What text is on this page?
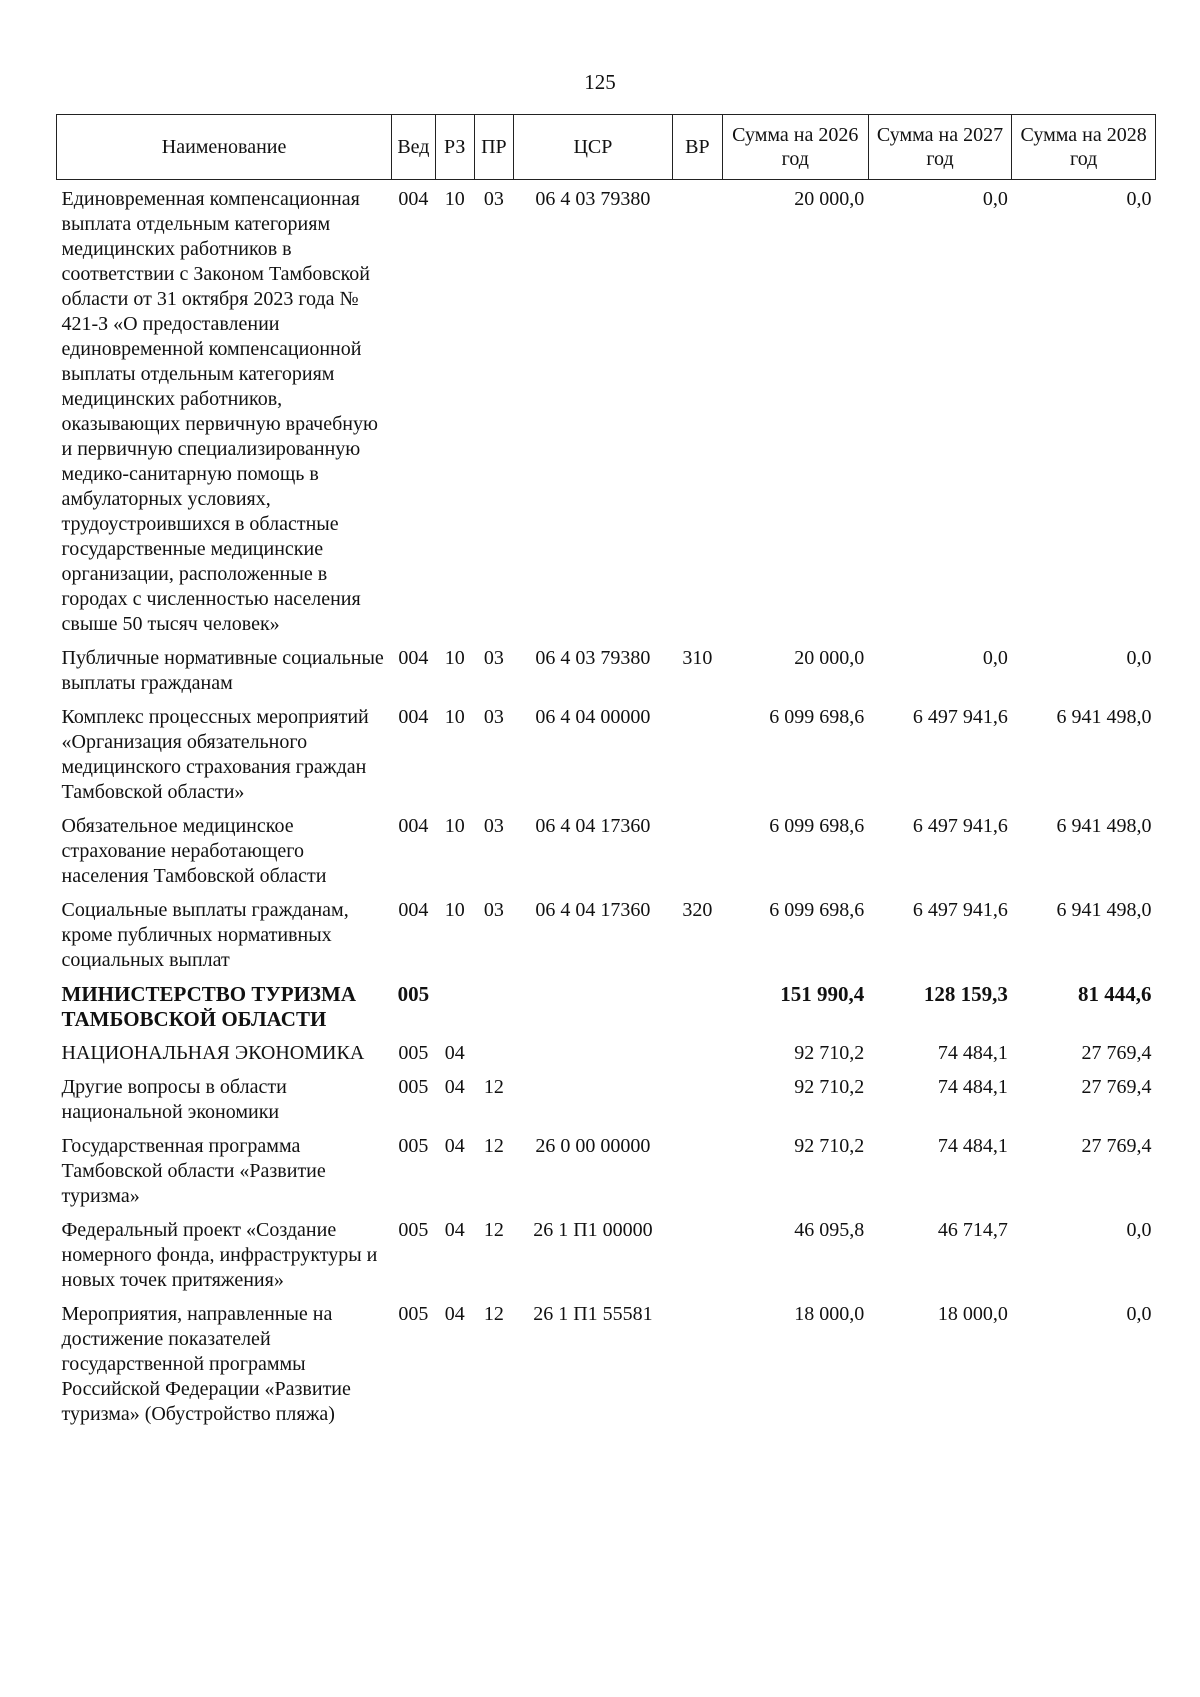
125
Наименование	Вед	РЗ	ПР	ЦСР	ВР	Сумма на 2026 год	Сумма на 2027 год	Сумма на 2028 год
Единовременная компенсационная выплата отдельным категориям медицинских работников в соответствии с Законом Тамбовской области от 31 октября 2023 года № 421-З «О предоставлении единовременной компенсационной выплаты отдельным категориям медицинских работников, оказывающих первичную врачебную и первичную специализированную медико-санитарную помощь в амбулаторных условиях, трудоустроившихся в областные государственные медицинские организации, расположенные в городах с численностью населения свыше 50 тысяч человек»	004	10	03	06 4 03 79380		20 000,0	0,0	0,0
Публичные нормативные социальные выплаты гражданам	004	10	03	06 4 03 79380	310	20 000,0	0,0	0,0
Комплекс процессных мероприятий «Организация обязательного медицинского страхования граждан Тамбовской области»	004	10	03	06 4 04 00000		6 099 698,6	6 497 941,6	6 941 498,0
Обязательное медицинское страхование неработающего населения Тамбовской области	004	10	03	06 4 04 17360		6 099 698,6	6 497 941,6	6 941 498,0
Социальные выплаты гражданам, кроме публичных нормативных социальных выплат	004	10	03	06 4 04 17360	320	6 099 698,6	6 497 941,6	6 941 498,0
МИНИСТЕРСТВО ТУРИЗМА ТАМБОВСКОЙ ОБЛАСТИ	005					151 990,4	128 159,3	81 444,6
НАЦИОНАЛЬНАЯ ЭКОНОМИКА	005	04				92 710,2	74 484,1	27 769,4
Другие вопросы в области национальной экономики	005	04	12			92 710,2	74 484,1	27 769,4
Государственная программа Тамбовской области «Развитие туризма»	005	04	12	26 0 00 00000		92 710,2	74 484,1	27 769,4
Федеральный проект «Создание номерного фонда, инфраструктуры и новых точек притяжения»	005	04	12	26 1 П1 00000		46 095,8	46 714,7	0,0
Мероприятия, направленные на достижение показателей государственной программы Российской Федерации «Развитие туризма» (Обустройство пляжа)	005	04	12	26 1 П1 55581		18 000,0	18 000,0	0,0
